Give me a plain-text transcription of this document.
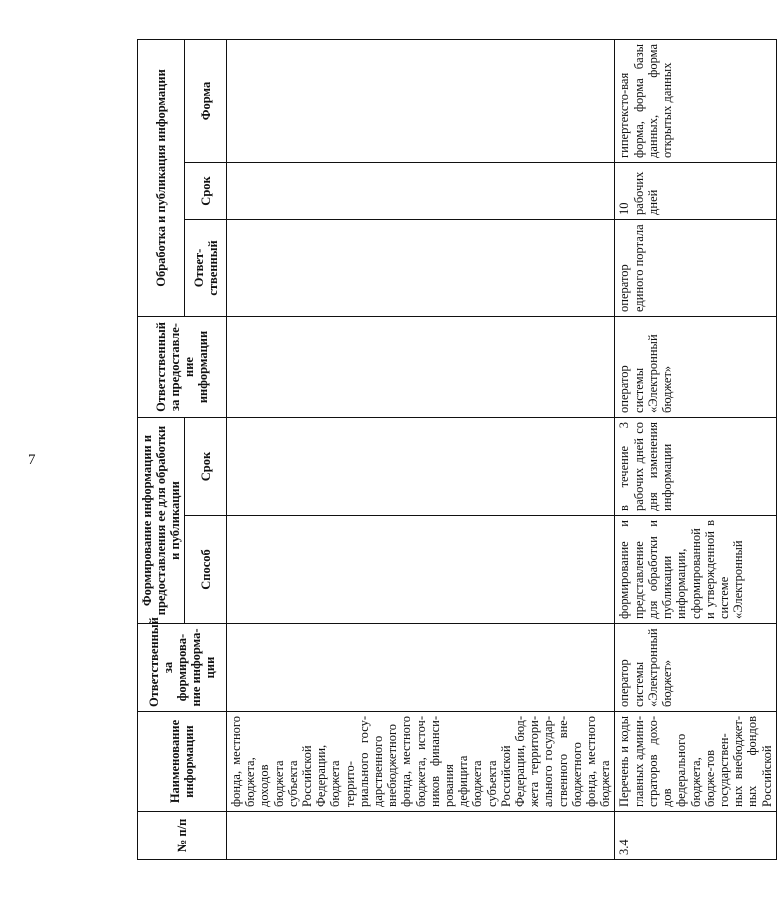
7
№ п/п	Наименование информации	Ответственный за формирова-ние информа-ции	Формирование информации и предоставления ее для обработки и публикации		Ответственный за предоставле-ние информации	Обработка и публикация информации		
			Способ	Срок		Ответ-ственный	Срок	Форма
	фонда, местного бюджета, доходов бюджета субъекта Российской Федерации, бюджета террито-риального госу-дарственного внебюджетного фонда, местного бюджета, источ-ников финанси-рования дефицита бюджета субъекта Российской Федерации, бюд-жета территори-ального государ-ственного вне-бюджетного фонда, местного бюджета							
3.4	Перечень и коды главных админи-страторов дохо-дов федерального бюджета, бюдже-тов государствен-ных внебюджет-ных фондов Российской	оператор системы «Электронный бюджет»	формирование и представление для обработки и публикации информации, сформированной и утвержденной в системе «Электронный	в течение 3 рабочих дней со дня изменения информации	оператор системы «Электронный бюджет»	оператор единого портала	10 рабочих дней	гипертексто-вая форма, форма базы данных, форма открытых данных
